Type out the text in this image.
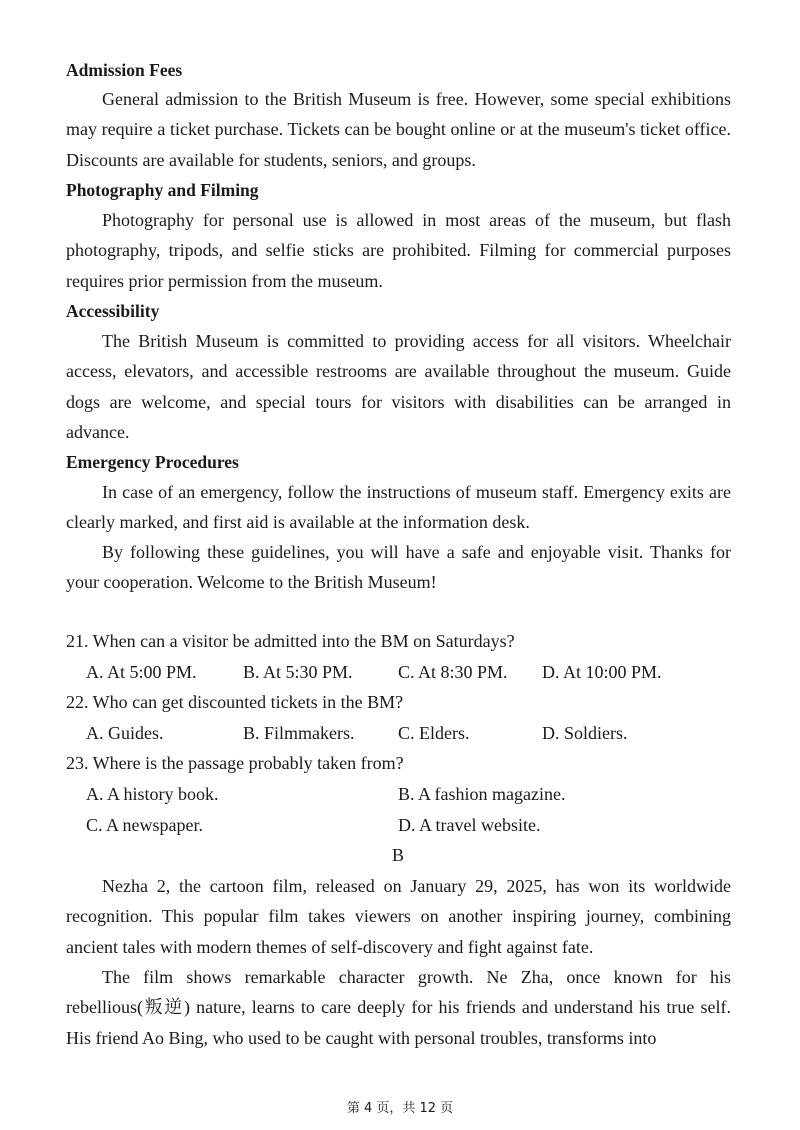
Admission Fees

General admission to the British Museum is free. However, some special exhibitions may require a ticket purchase. Tickets can be bought online or at the museum's ticket office. Discounts are available for students, seniors, and groups.

Photography and Filming

Photography for personal use is allowed in most areas of the museum, but flash photography, tripods, and selfie sticks are prohibited. Filming for commercial purposes requires prior permission from the museum.

Accessibility

The British Museum is committed to providing access for all visitors. Wheelchair access, elevators, and accessible restrooms are available throughout the museum. Guide dogs are welcome, and special tours for visitors with disabilities can be arranged in advance.

Emergency Procedures

In case of an emergency, follow the instructions of museum staff. Emergency exits are clearly marked, and first aid is available at the information desk.

By following these guidelines, you will have a safe and enjoyable visit. Thanks for your cooperation. Welcome to the British Museum!

21. When can a visitor be admitted into the BM on Saturdays?
A. At 5:00 PM.	B. At 5:30 PM.	C. At 8:30 PM. D. At 10:00 PM.
22. Who can get discounted tickets in the BM?
A. Guides.	B. Filmmakers. C. Elders.	D. Soldiers.
23. Where is the passage probably taken from?
A. A history book.	B. A fashion magazine.
C. A newspaper.	D. A travel website.
B

Nezha 2, the cartoon film, released on January 29, 2025, has won its worldwide recognition. This popular film takes viewers on another inspiring journey, combining ancient tales with modern themes of self-discovery and fight against fate.

The film shows remarkable character growth. Ne Zha, once known for his rebellious(叛逆) nature, learns to care deeply for his friends and understand his true self. His friend Ao Bing, who used to be caught with personal troubles, transforms into

第 4 页，共 12 页
